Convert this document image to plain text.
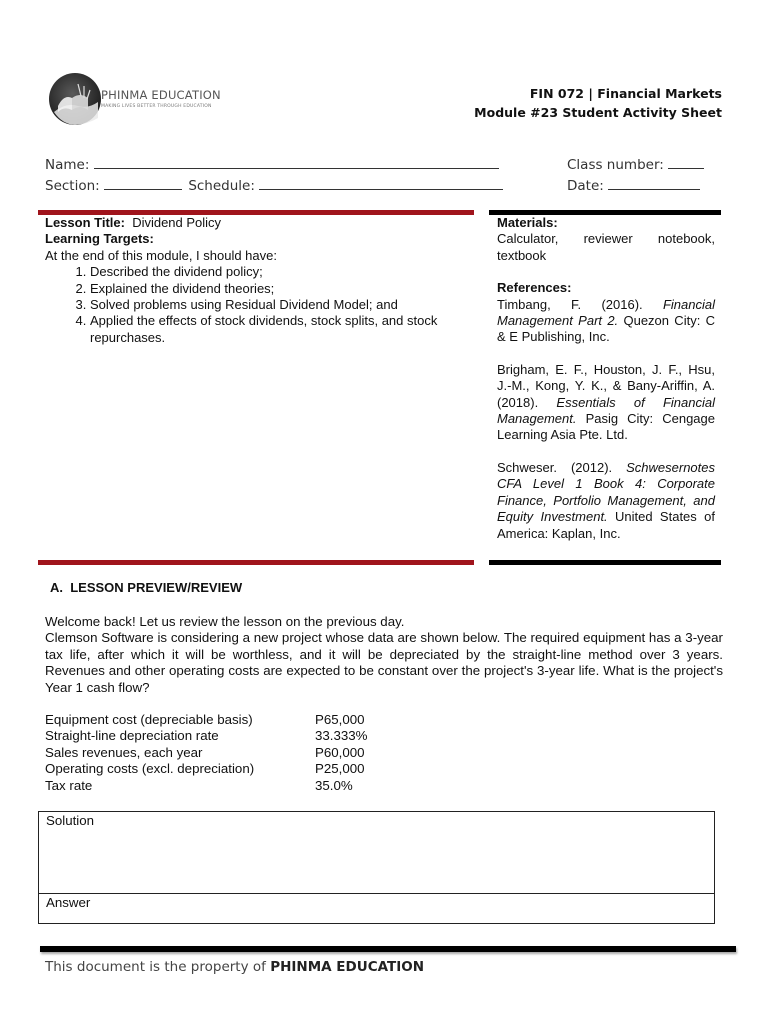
PHINMA EDUCATION
MAKING LIVES BETTER THROUGH EDUCATION
FIN 072 | Financial Markets
Module #23 Student Activity Sheet
Name:
Section:	Schedule:
Class number:
Date:
Lesson Title: Dividend Policy
Learning Targets:
At the end of this module, I should have:
1. Described the dividend policy;
2. Explained the dividend theories;
3. Solved problems using Residual Dividend Model; and
4. Applied the effects of stock dividends, stock splits, and stock repurchases.

Materials:

Calculator, reviewer notebook, textbook

References:

Timbang, F. (2016). Financial Management Part 2. Quezon City: C & E Publishing, Inc.

Brigham, E. F., Houston, J. F., Hsu, J.-M., Kong, Y. K., & Bany-Ariffin, A. (2018). Essentials of Financial Management. Pasig City: Cengage Learning Asia Pte. Ltd.

Schweser. (2012). Schwesernotes CFA Level 1 Book 4: Corporate Finance, Portfolio Management, and Equity Investment. United States of America: Kaplan, Inc.

A.  LESSON PREVIEW/REVIEW

Welcome back! Let us review the lesson on the previous day.

Clemson Software is considering a new project whose data are shown below. The required equipment has a 3-year tax life, after which it will be worthless, and it will be depreciated by the straight-line method over 3 years. Revenues and other operating costs are expected to be constant over the project's 3-year life. What is the project's Year 1 cash flow?

Equipment cost (depreciable basis)	P65,000
Straight-line depreciation rate	33.333%
Sales revenues, each year	P60,000
Operating costs (excl. depreciation)	P25,000
Tax rate	35.0%
Solution
Answer
This document is the property of PHINMA EDUCATION
